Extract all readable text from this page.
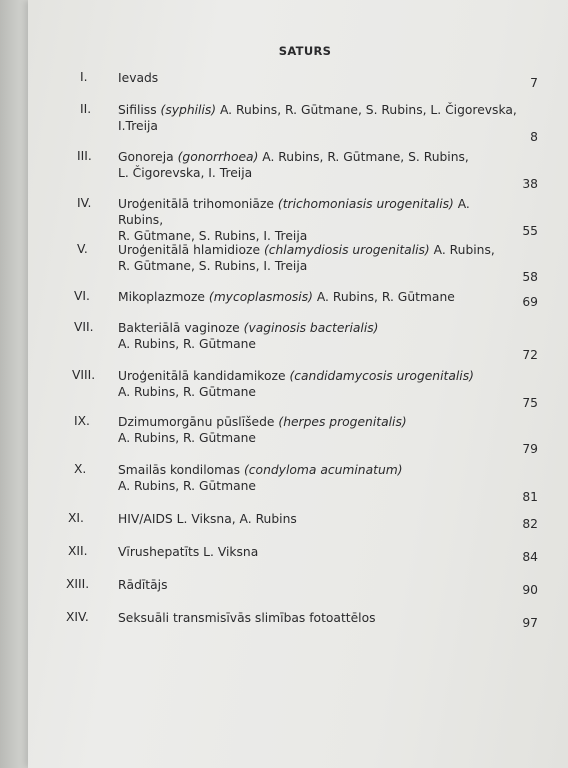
SATURS
I. Ievads	7
II. Sifiliss (syphilis) A. Rubins, R. Gūtmane, S. Rubins, L. Čigorevska,
I.Treija
8
III. Gonoreja (gonorrhoea) A. Rubins, R. Gūtmane, S. Rubins,
L. Čigorevska, I. Treija
38
IV. Uroģenitālā trihomoniāze (trichomoniasis urogenitalis) A. Rubins,
R. Gūtmane, S. Rubins, I. Treija	55
V. Uroģenitālā hlamidioze (chlamydiosis urogenitalis) A. Rubins,
R. Gūtmane, S. Rubins, I. Treija
58
VI. Mikoplazmoze (mycoplasmosis) A. Rubins, R. Gūtmane	69
VII. Bakteriālā vaginoze (vaginosis bacterialis)
A. Rubins, R. Gūtmane
72
VIII. Uroģenitālā kandidamikoze (candidamycosis urogenitalis)
A. Rubins, R. Gūtmane
75
IX. Dzimumorgānu pūslīšede (herpes progenitalis)
A. Rubins, R. Gūtmane
79
X.	Smailās kondilomas (condyloma acuminatum)
A. Rubins, R. Gūtmane
81
XI.	HIV/AIDS L. Viksna, A. Rubins	82
XII. Vīrushepatīts L. Viksna	84
XIII. Rādītājs	90
XIV. Seksuāli transmisīvās slimības fotoattēlos	97
